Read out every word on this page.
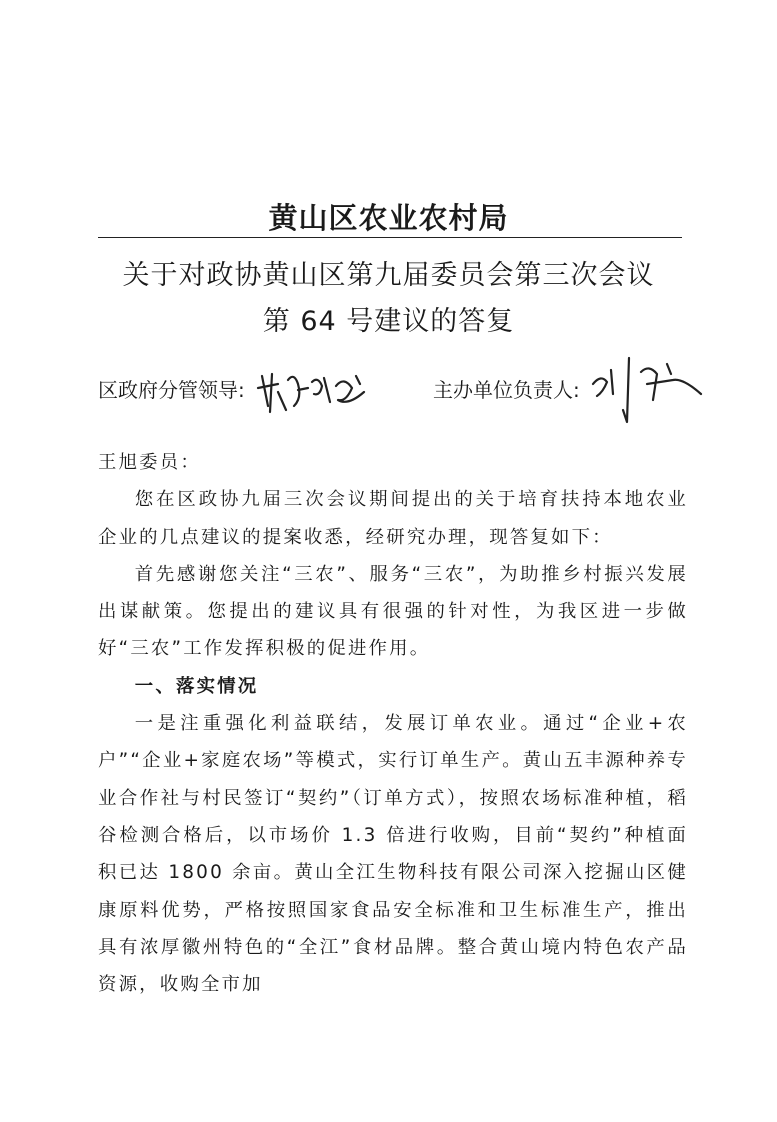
黄山区农业农村局
关于对政协黄山区第九届委员会第三次会议
第 64 号建议的答复
区政府分管领导:	主办单位负责人:

王旭委员：

您在区政协九届三次会议期间提出的关于培育扶持本地农业企业的几点建议的提案收悉，经研究办理，现答复如下：

首先感谢您关注“三农”、服务“三农”，为助推乡村振兴发展出谋献策。您提出的建议具有很强的针对性，为我区进一步做好“三农”工作发挥积极的促进作用。

一、落实情况

一是注重强化利益联结，发展订单农业。通过“企业+农户”“企业+家庭农场”等模式，实行订单生产。黄山五丰源种养专业合作社与村民签订“契约”（订单方式），按照农场标准种植，稻谷检测合格后，以市场价 1.3 倍进行收购，目前“契约”种植面积已达 1800 余亩。黄山全江生物科技有限公司深入挖掘山区健康原料优势，严格按照国家食品安全标准和卫生标准生产，推出具有浓厚徽州特色的“全江”食材品牌。整合黄山境内特色农产品资源，收购全市加
